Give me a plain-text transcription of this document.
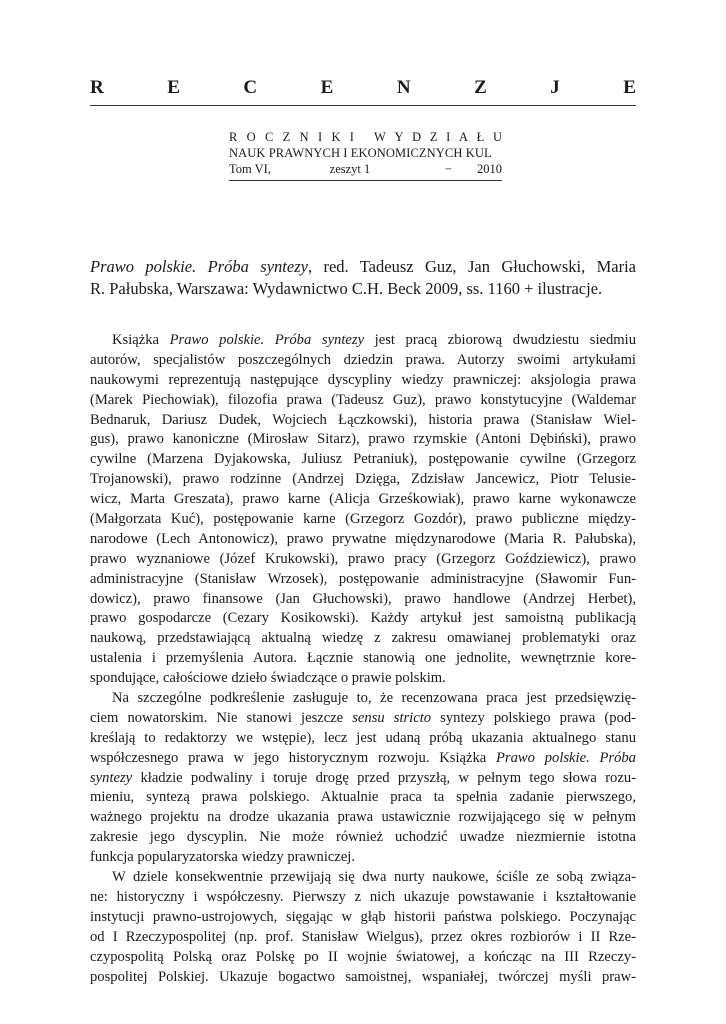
R	E	C	E	N	Z	J	E
R O C Z N I K I W Y D Z I A Ł U
NAUK PRAWNYCH I EKONOMICZNYCH KUL
Tom VI,	zeszyt 1	−	2010
Prawo polskie. Próba syntezy, red. Tadeusz Guz, Jan Głuchowski, Maria
R. Pałubska, Warszawa: Wydawnictwo C.H. Beck 2009, ss. 1160 + ilustracje.
Książka Prawo polskie. Próba syntezy jest pracą zbiorową dwudziestu siedmiu
autorów, specjalistów poszczególnych dziedzin prawa. Autorzy swoimi artykułami
naukowymi reprezentują następujące dyscypliny wiedzy prawniczej: aksjologia prawa
(Marek Piechowiak), filozofia prawa (Tadeusz Guz), prawo konstytucyjne (Waldemar
Bednaruk, Dariusz Dudek, Wojciech Łączkowski), historia prawa (Stanisław Wiel-
gus), prawo kanoniczne (Mirosław Sitarz), prawo rzymskie (Antoni Dębiński), prawo
cywilne (Marzena Dyjakowska, Juliusz Petraniuk), postępowanie cywilne (Grzegorz
Trojanowski), prawo rodzinne (Andrzej Dzięga, Zdzisław Jancewicz, Piotr Telusie-
wicz, Marta Greszata), prawo karne (Alicja Grześkowiak), prawo karne wykonawcze
(Małgorzata Kuć), postępowanie karne (Grzegorz Gozdór), prawo publiczne między-
narodowe (Lech Antonowicz), prawo prywatne międzynarodowe (Maria R. Pałubska),
prawo wyznaniowe (Józef Krukowski), prawo pracy (Grzegorz Goździewicz), prawo
administracyjne (Stanisław Wrzosek), postępowanie administracyjne (Sławomir Fun-
dowicz), prawo finansowe (Jan Głuchowski), prawo handlowe (Andrzej Herbet),
prawo gospodarcze (Cezary Kosikowski). Każdy artykuł jest samoistną publikacją
naukową, przedstawiającą aktualną wiedzę z zakresu omawianej problematyki oraz
ustalenia i przemyślenia Autora. Łącznie stanowią one jednolite, wewnętrznie kore-
spondujące, całościowe dzieło świadczące o prawie polskim.
Na szczególne podkreślenie zasługuje to, że recenzowana praca jest przedsięwzię-
ciem nowatorskim. Nie stanowi jeszcze sensu stricto syntezy polskiego prawa (pod-
kreślają to redaktorzy we wstępie), lecz jest udaną próbą ukazania aktualnego stanu
współczesnego prawa w jego historycznym rozwoju. Książka Prawo polskie. Próba
syntezy kładzie podwaliny i toruje drogę przed przyszłą, w pełnym tego słowa rozu-
mieniu, syntezą prawa polskiego. Aktualnie praca ta spełnia zadanie pierwszego,
ważnego projektu na drodze ukazania prawa ustawicznie rozwijającego się w pełnym
zakresie jego dyscyplin. Nie może również uchodzić uwadze niezmiernie istotna
funkcja popularyzatorska wiedzy prawniczej.
W dziele konsekwentnie przewijają się dwa nurty naukowe, ściśle ze sobą związa-
ne: historyczny i współczesny. Pierwszy z nich ukazuje powstawanie i kształtowanie
instytucji prawno-ustrojowych, sięgając w głąb historii państwa polskiego. Poczynając
od I Rzeczypospolitej (np. prof. Stanisław Wielgus), przez okres rozbiorów i II Rze-
czypospolitą Polską oraz Polskę po II wojnie światowej, a kończąc na III Rzeczy-
pospolitej Polskiej. Ukazuje bogactwo samoistnej, wspaniałej, twórczej myśli praw-
